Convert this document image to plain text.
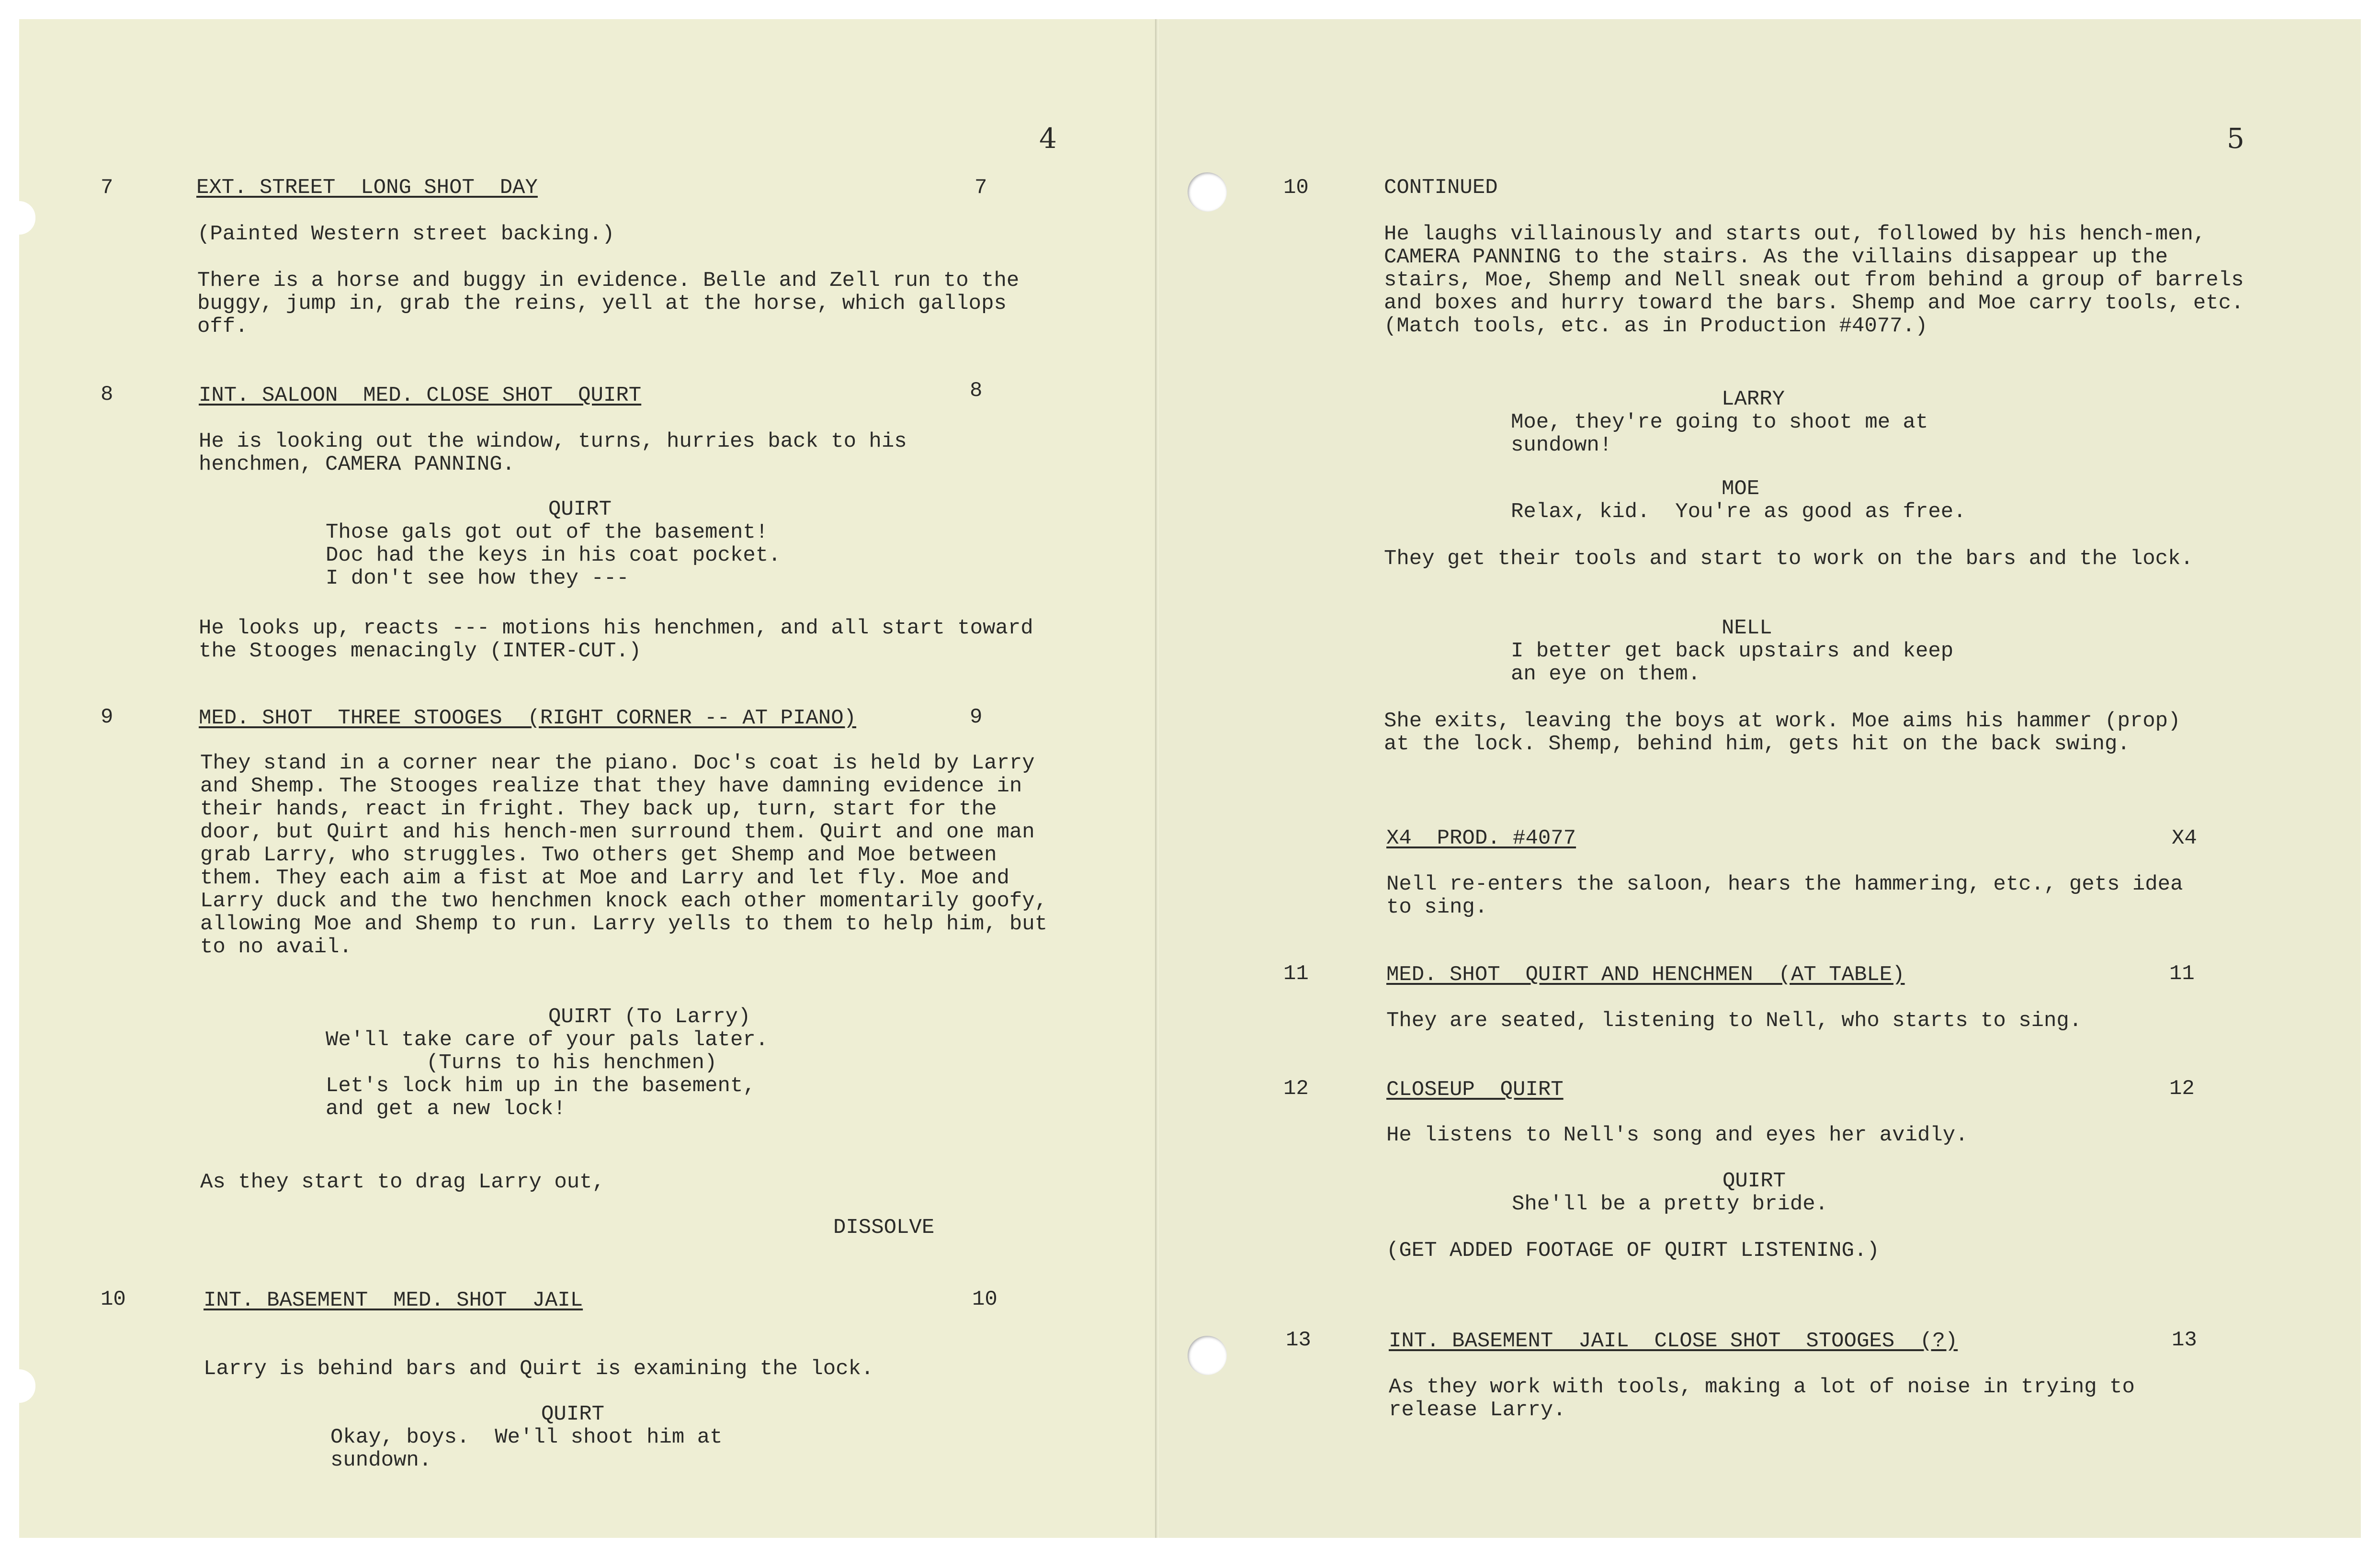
4
7	EXT. STREET  LONG SHOT  DAY	7
(Painted Western street backing.)
There is a horse and buggy in evidence. Belle and Zell run to the buggy, jump in, grab the reins, yell at the horse, which gallops off.
8	INT. SALOON  MED. CLOSE SHOT  QUIRT	8
He is looking out the window, turns, hurries back to his henchmen, CAMERA PANNING.
QUIRT
Those gals got out of the basement!
Doc had the keys in his coat pocket.
I don't see how they ---
He looks up, reacts --- motions his henchmen, and all start toward the Stooges menacingly (INTER-CUT.)
9	MED. SHOT  THREE STOOGES  (RIGHT CORNER -- AT PIANO)	9
They stand in a corner near the piano. Doc's coat is held by Larry and Shemp. The Stooges realize that they have damning evidence in their hands, react in fright. They back up, turn, start for the door, but Quirt and his hench-men surround them. Quirt and one man grab Larry, who struggles. Two others get Shemp and Moe between them. They each aim a fist at Moe and Larry and let fly. Moe and Larry duck and the two henchmen knock each other momentarily goofy, allowing Moe and Shemp to run. Larry yells to them to help him, but to no avail.
QUIRT (To Larry)
We'll take care of your pals later.
(Turns to his henchmen)
Let's lock him up in the basement,
and get a new lock!
As they start to drag Larry out,
DISSOLVE
10	INT. BASEMENT  MED. SHOT  JAIL	10
Larry is behind bars and Quirt is examining the lock.
QUIRT
Okay, boys.  We'll shoot him at
sundown.
5
10	CONTINUED
He laughs villainously and starts out, followed by his hench-men, CAMERA PANNING to the stairs. As the villains disappear up the stairs, Moe, Shemp and Nell sneak out from behind a group of barrels and boxes and hurry toward the bars. Shemp and Moe carry tools, etc. (Match tools, etc. as in Production #4077.)
LARRY
Moe, they're going to shoot me at
sundown!
MOE
Relax, kid.  You're as good as free.
They get their tools and start to work on the bars and the lock.
NELL
I better get back upstairs and keep
an eye on them.
She exits, leaving the boys at work. Moe aims his hammer (prop) at the lock. Shemp, behind him, gets hit on the back swing.
X4  PROD. #4077	X4
Nell re-enters the saloon, hears the hammering, etc., gets idea to sing.
11	MED. SHOT  QUIRT AND HENCHMEN  (AT TABLE)	11
They are seated, listening to Nell, who starts to sing.
12	CLOSEUP  QUIRT	12
He listens to Nell's song and eyes her avidly.
QUIRT
She'll be a pretty bride.
(GET ADDED FOOTAGE OF QUIRT LISTENING.)
13	INT. BASEMENT  JAIL  CLOSE SHOT  STOOGES  (?)	13
As they work with tools, making a lot of noise in trying to release Larry.
